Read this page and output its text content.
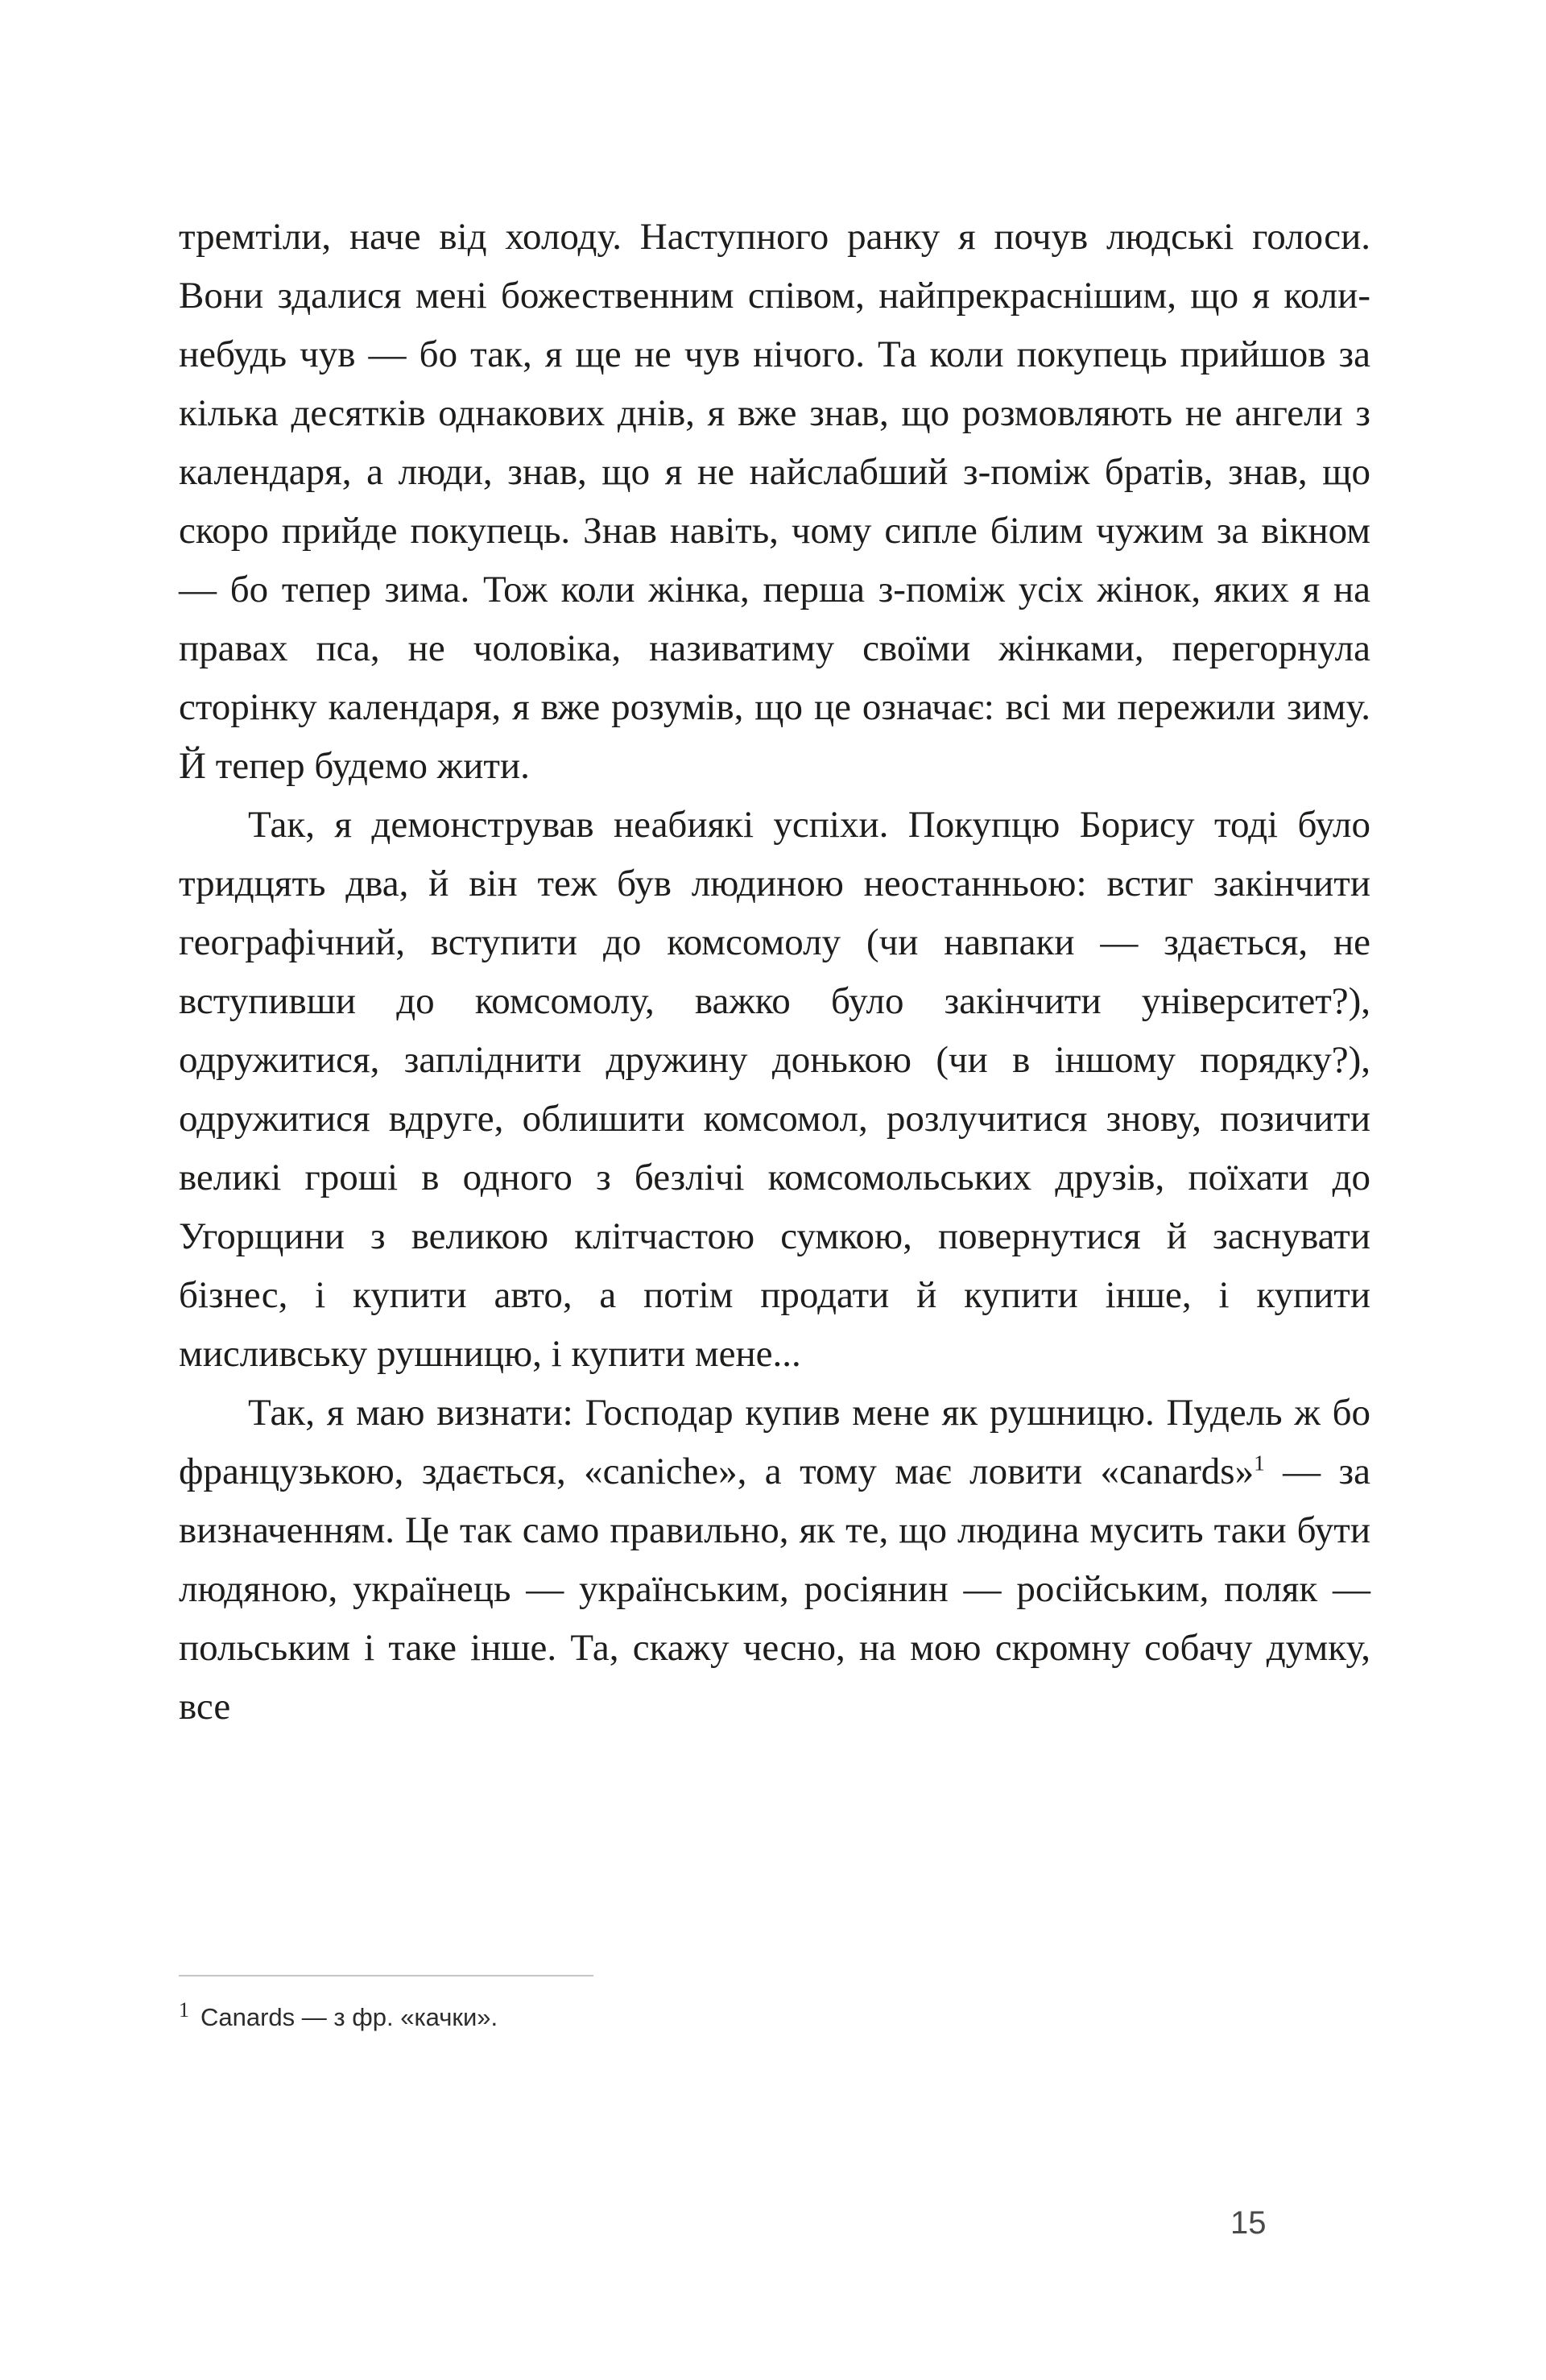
тремтіли, наче від холоду. Наступного ранку я почув людські голоси. Вони здалися мені божественним співом, найпрекраснішим, що я коли-небудь чув — бо так, я ще не чув нічого. Та коли покупець прийшов за кілька десятків однакових днів, я вже знав, що розмовляють не ангели з календаря, а люди, знав, що я не найслабший з-поміж братів, знав, що скоро прийде покупець. Знав навіть, чому сипле білим чужим за вікном — бо тепер зима. Тож коли жінка, перша з-поміж усіх жінок, яких я на правах пса, не чоловіка, називатиму своїми жінками, перегорнула сторінку календаря, я вже розумів, що це означає: всі ми пережили зиму. Й тепер будемо жити.

Так, я демонстрував неабиякі успіхи. Покупцю Борису тоді було тридцять два, й він теж був людиною неостанньою: встиг закінчити географічний, вступити до комсомолу (чи навпаки — здається, не вступивши до комсомолу, важко було закінчити університет?), одружитися, запліднити дружину донькою (чи в іншому порядку?), одружитися вдруге, облишити комсомол, розлучитися знову, позичити великі гроші в одного з безлічі комсомольських друзів, поїхати до Угорщини з великою клітчастою сумкою, повернутися й заснувати бізнес, і купити авто, а потім продати й купити інше, і купити мисливську рушницю, і купити мене...

Так, я маю визнати: Господар купив мене як рушницю. Пудель ж бо французькою, здається, «caniche», а тому має ловити «canards»$^1$ — за визначенням. Це так само правильно, як те, що людина мусить таки бути людяною, українець — українським, росіянин — російським, поляк — польським і таке інше. Та, скажу чесно, на мою скромну собачу думку, все

$^1$ Canards — з фр. «качки».

15
